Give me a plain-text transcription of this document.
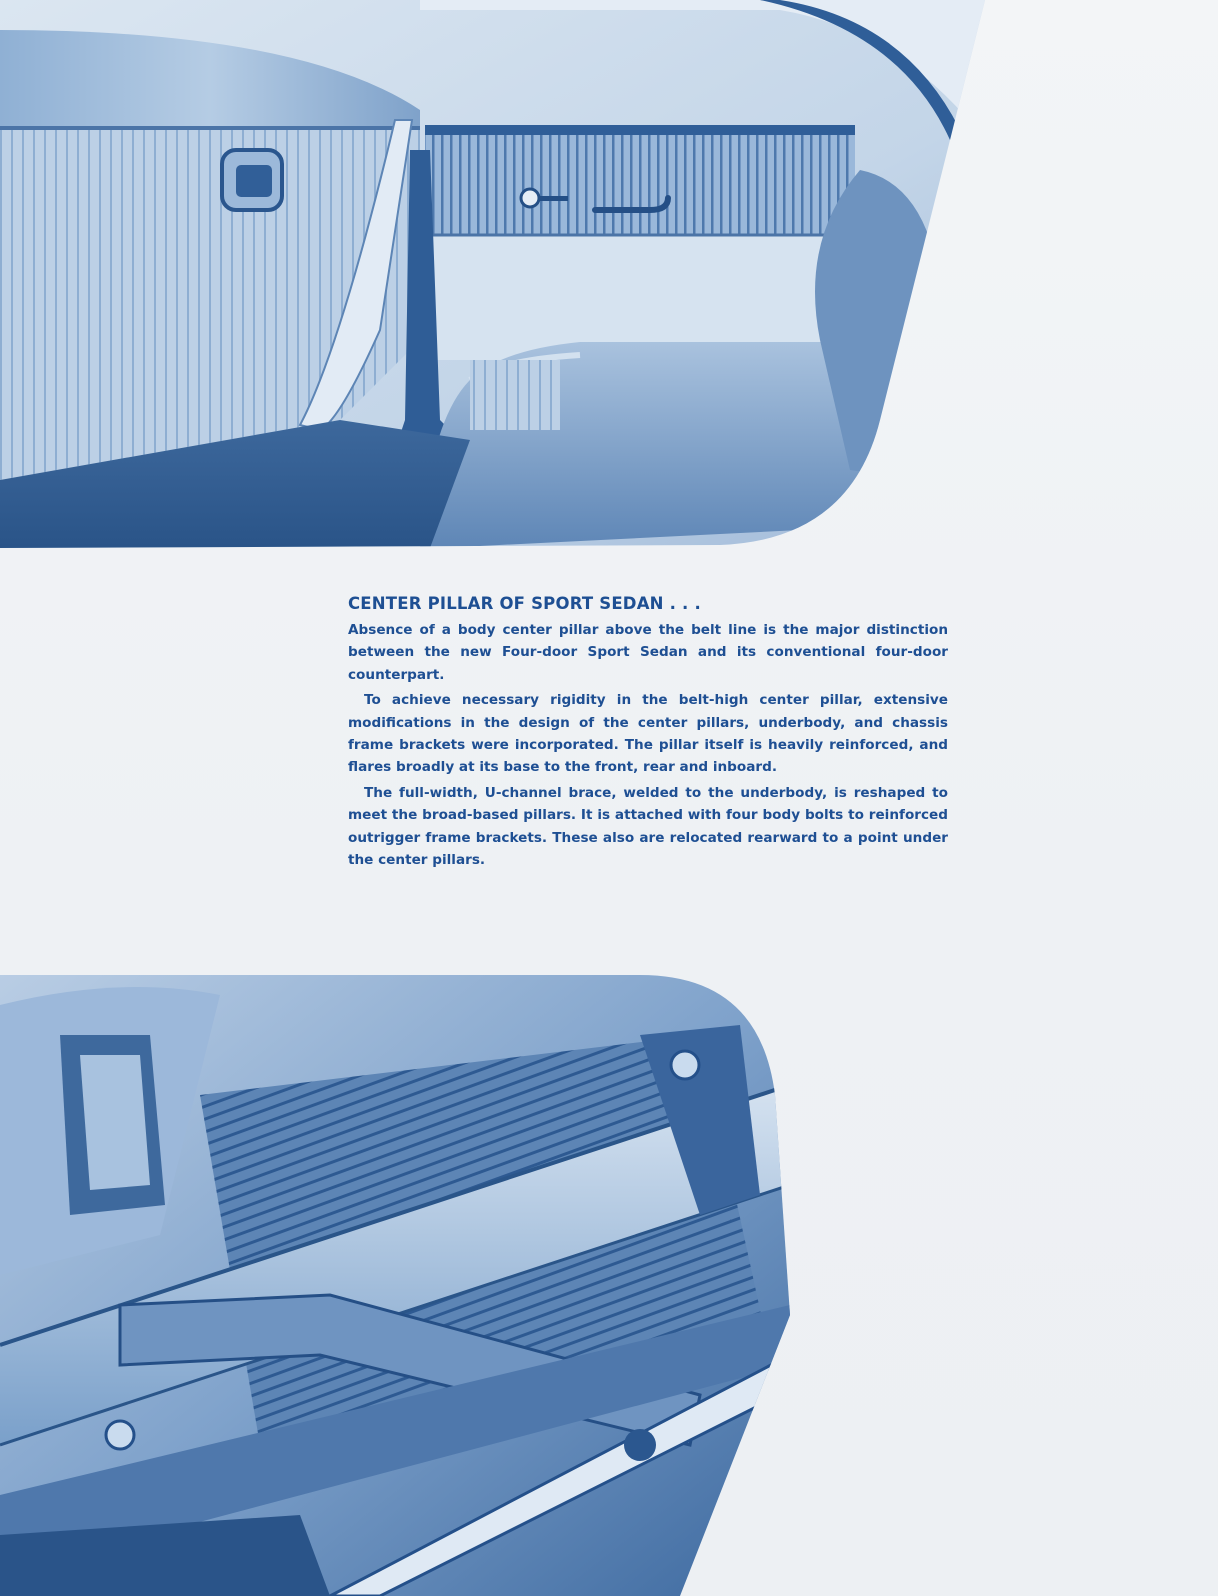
CENTER PILLAR OF SPORT SEDAN . . .

Absence of a body center pillar above the belt line is the major distinction between the new Four-door Sport Sedan and its conventional four-door counterpart.

To achieve necessary rigidity in the belt-high center pillar, extensive modifications in the design of the center pillars, underbody, and chassis frame brackets were incorporated. The pillar itself is heavily reinforced, and flares broadly at its base to the front, rear and inboard.

The full-width, U-channel brace, welded to the underbody, is reshaped to meet the broad-based pillars. It is attached with four body bolts to reinforced outrigger frame brackets. These also are relocated rearward to a point under the center pillars.
